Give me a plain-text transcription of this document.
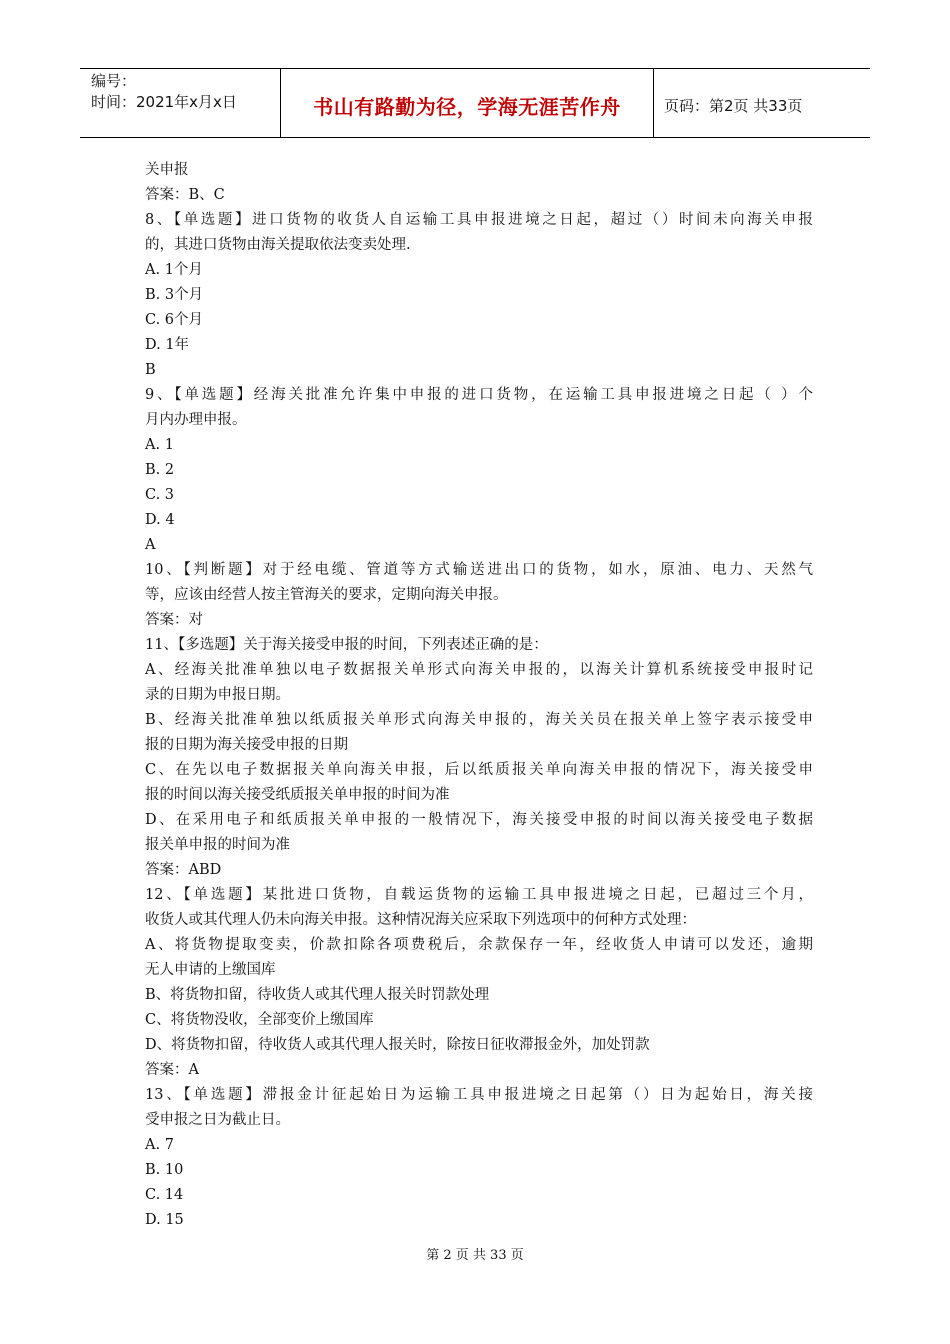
编号：
时间：2021年x月x日	书山有路勤为径，学海无涯苦作舟	页码：第2页 共33页
关申报
答案：B、C
8、【单选题】进口货物的收货人自运输工具申报进境之日起，超过（）时间未向海关申报
的，其进口货物由海关提取依法变卖处理.
A. 1个月
B. 3个月
C. 6个月
D. 1年
B
9、【单选题】经海关批准允许集中申报的进口货物，在运输工具申报进境之日起（ ）个
月内办理申报。
A. 1
B. 2
C. 3
D. 4
A
10、【判断题】对于经电缆、管道等方式输送进出口的货物，如水，原油、电力、天然气
等，应该由经营人按主管海关的要求，定期向海关申报。
答案：对
11、【多选题】关于海关接受申报的时间，下列表述正确的是：
A、经海关批准单独以电子数据报关单形式向海关申报的，以海关计算机系统接受申报时记
录的日期为申报日期。
B、经海关批准单独以纸质报关单形式向海关申报的，海关关员在报关单上签字表示接受申
报的日期为海关接受申报的日期
C、在先以电子数据报关单向海关申报，后以纸质报关单向海关申报的情况下，海关接受申
报的时间以海关接受纸质报关单申报的时间为准
D、在采用电子和纸质报关单申报的一般情况下，海关接受申报的时间以海关接受电子数据
报关单申报的时间为准
答案：ABD
12、【单选题】某批进口货物，自载运货物的运输工具申报进境之日起，已超过三个月，
收货人或其代理人仍未向海关申报。这种情况海关应采取下列选项中的何种方式处理：
A、将货物提取变卖，价款扣除各项费税后，余款保存一年，经收货人申请可以发还，逾期
无人申请的上缴国库
B、将货物扣留，待收货人或其代理人报关时罚款处理
C、将货物没收，全部变价上缴国库
D、将货物扣留，待收货人或其代理人报关时，除按日征收滞报金外，加处罚款
答案：A
13、【单选题】滞报金计征起始日为运输工具申报进境之日起第（）日为起始日，海关接
受申报之日为截止日。
A. 7
B. 10
C. 14
D. 15
第 2 页 共 33 页
